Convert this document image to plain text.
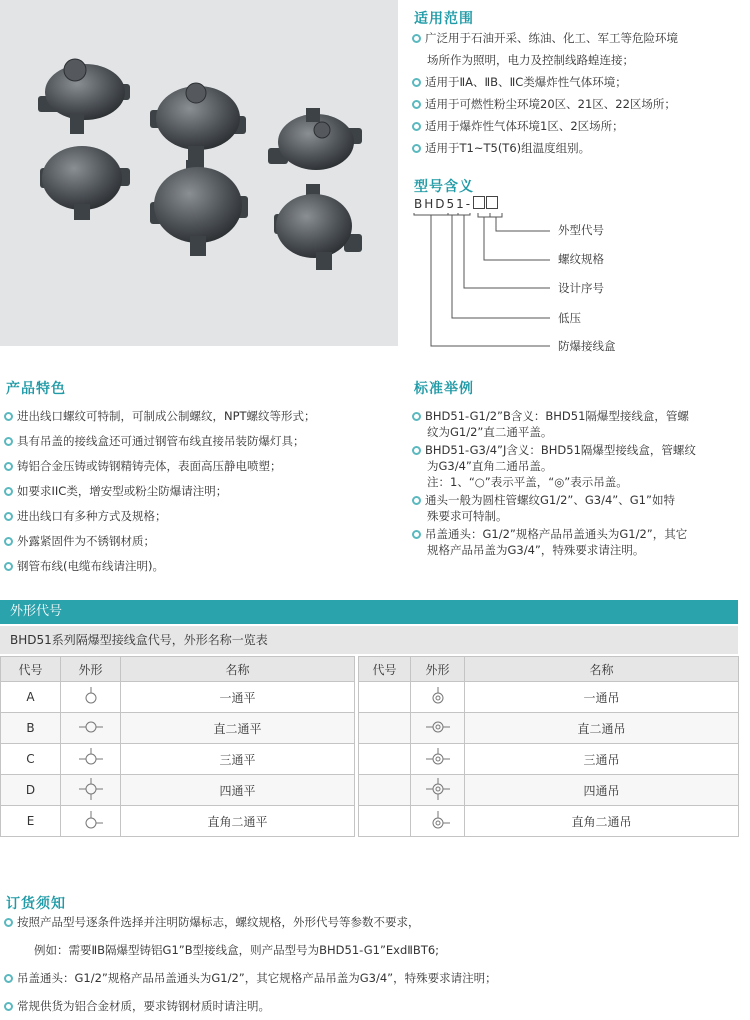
适用范围
广泛用于石油开采、练油、化工、军工等危险环境
场所作为照明，电力及控制线路蝗连接；
适用于ⅡA、ⅡB、ⅡC类爆炸性气体环境；
适用于可燃性粉尘环境20区、21区、22区场所；
适用于爆炸性气体环境1区、2区场所；
适用于T1~T5(T6)组温度组别。
型号含义
BHD51-
外型代号
螺纹规格
设计序号
低压
防爆接线盒
产品特色
进出线口螺纹可特制，可制成公制螺纹，NPT螺纹等形式；
具有吊盖的接线盒还可通过钢管布线直接吊装防爆灯具；
铸铝合金压铸或铸钢精铸壳体，表面高压静电喷塑；
如要求IIC类，增安型或粉尘防爆请注明；
进出线口有多种方式及规格；
外露紧固件为不锈钢材质；
钢管布线(电缆布线请注明)。
标准举例
BHD51-G1/2”B含义：BHD51隔爆型接线盒，管螺
纹为G1/2”直二通平盖。
BHD51-G3/4”J含义：BHD51隔爆型接线盒，管螺纹
为G3/4”直角二通吊盖。
注：1、“○”表示平盖，“◎”表示吊盖。
通头一般为圆柱管螺纹G1/2”、G3/4”、G1”如特
殊要求可特制。
吊盖通头：G1/2”规格产品吊盖通头为G1/2”，其它
规格产品吊盖为G3/4”，特殊要求请注明。
外形代号
BHD51系列隔爆型接线盒代号，外形名称一览表
代号	外形	名称		代号	外形	名称
A		一通平				一通吊
B		直二通平				直二通吊
C		三通平				三通吊
D		四通平				四通吊
E		直角二通平				直角二通吊
订货须知
按照产品型号逐条件选择并注明防爆标志，螺纹规格，外形代号等参数不要求，
例如：需要ⅡB隔爆型铸铝G1”B型接线盒，则产品型号为BHD51-G1”ExdⅡBT6;
吊盖通头：G1/2”规格产品吊盖通头为G1/2”，其它规格产品吊盖为G3/4”，特殊要求请注明；
常规供货为铝合金材质，要求铸钢材质时请注明。
